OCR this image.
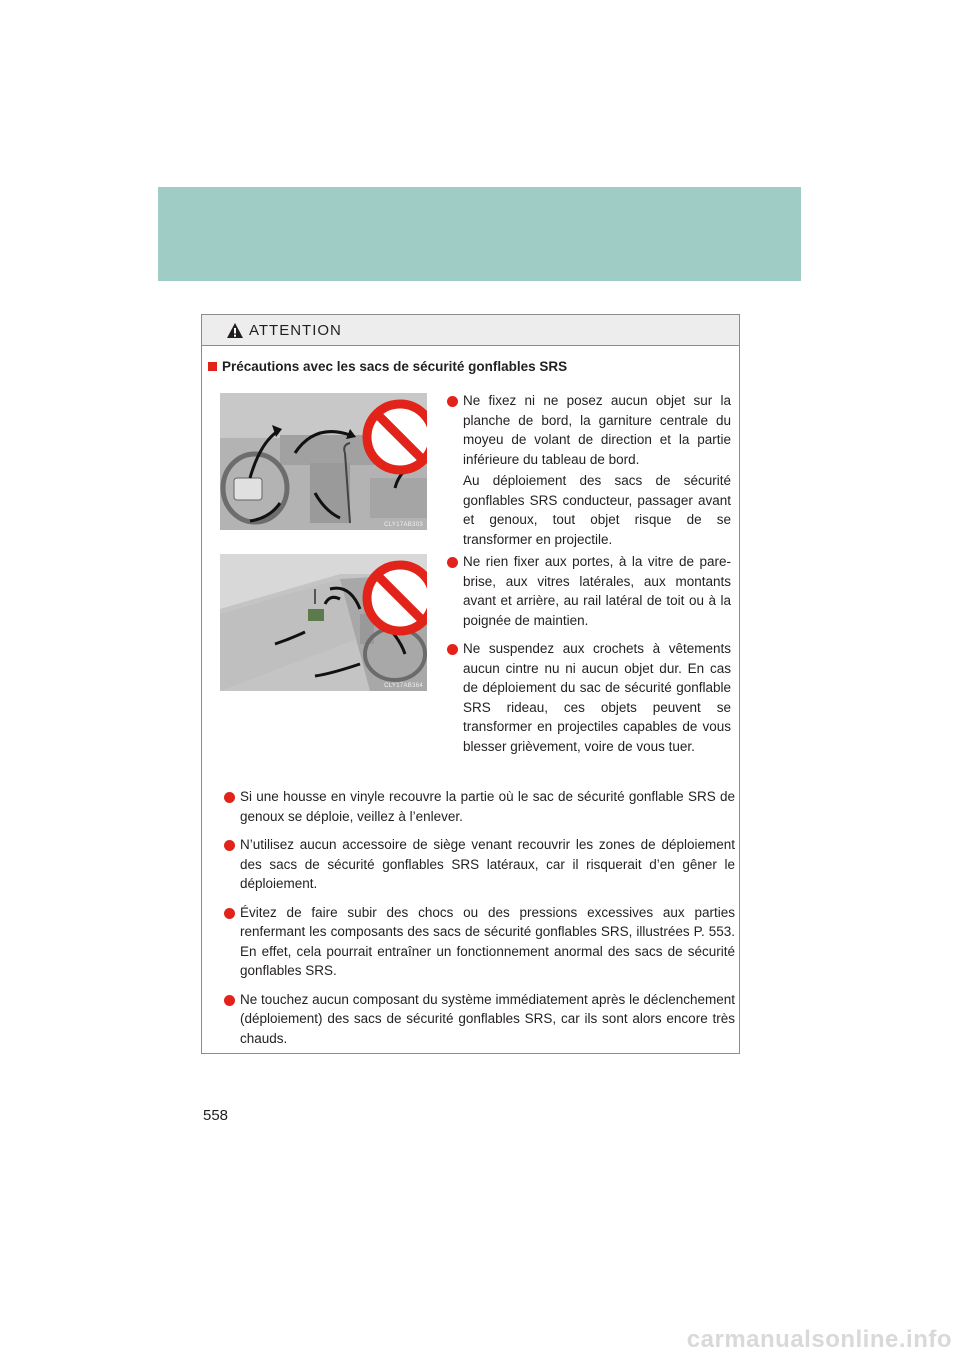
ATTENTION
Précautions avec les sacs de sécurité gonflables SRS
CLY17AB303
CLY17AB364
Ne fixez ni ne posez aucun objet sur la planche de bord, la garniture centrale du moyeu de volant de direction et la partie inférieure du tableau de bord.
Au déploiement des sacs de sécurité gonflables SRS conducteur, passager avant et genoux, tout objet risque de se transformer en projectile.
Ne rien fixer aux portes, à la vitre de pare-brise, aux vitres latérales, aux montants avant et arrière, au rail latéral de toit ou à la poignée de maintien.
Ne suspendez aux crochets à vêtements aucun cintre nu ni aucun objet dur. En cas de déploiement du sac de sécurité gonflable SRS rideau, ces objets peuvent se transformer en projectiles capables de vous blesser grièvement, voire de vous tuer.
Si une housse en vinyle recouvre la partie où le sac de sécurité gonflable SRS de genoux se déploie, veillez à l’enlever.
N’utilisez aucun accessoire de siège venant recouvrir les zones de déploiement des sacs de sécurité gonflables SRS latéraux, car il risquerait d’en gêner le déploiement.
Évitez de faire subir des chocs ou des pressions excessives aux parties renfermant les composants des sacs de sécurité gonflables SRS, illustrées P. 553. En effet, cela pourrait entraîner un fonctionnement anormal des sacs de sécurité gonflables SRS.
Ne touchez aucun composant du système immédiatement après le déclenchement (déploiement) des sacs de sécurité gonflables SRS, car ils sont alors encore très chauds.
558
carmanualsonline.info
